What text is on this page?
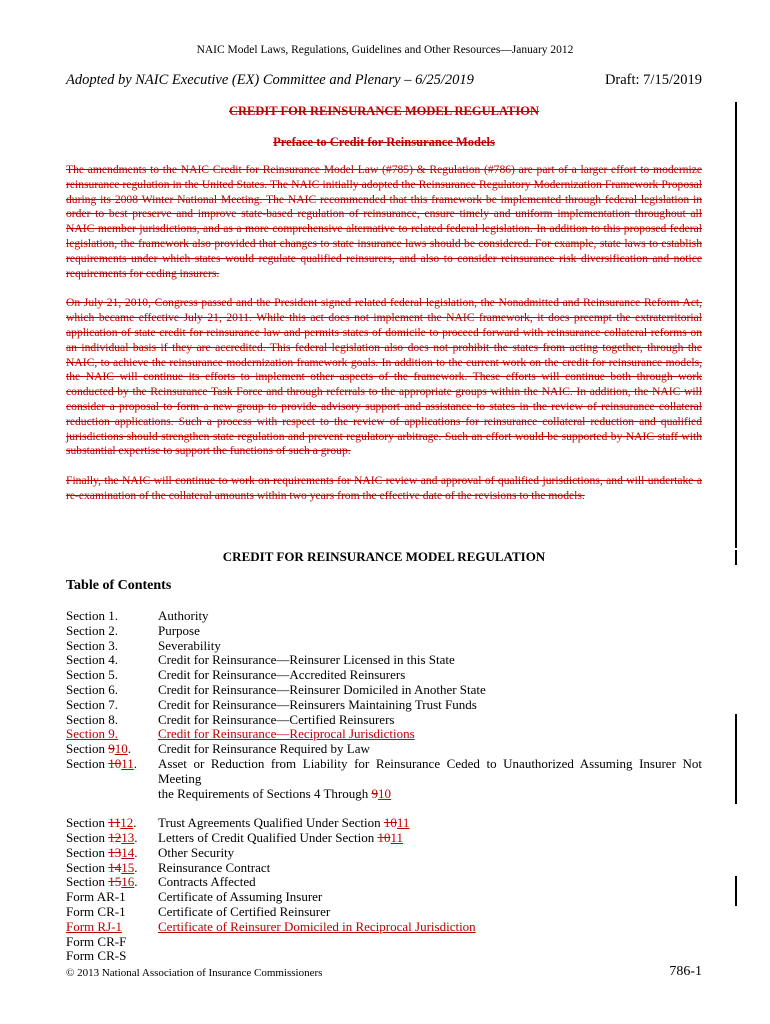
NAIC Model Laws, Regulations, Guidelines and Other Resources—January 2012
Adopted by NAIC Executive (EX) Committee and Plenary – 6/25/2019	Draft: 7/15/2019
CREDIT FOR REINSURANCE MODEL REGULATION
Preface to Credit for Reinsurance Models

The amendments to the NAIC Credit for Reinsurance Model Law (#785) & Regulation (#786) are part of a larger effort to modernize reinsurance regulation in the United States. The NAIC initially adopted the Reinsurance Regulatory Modernization Framework Proposal during its 2008 Winter National Meeting. The NAIC recommended that this framework be implemented through federal legislation in order to best preserve and improve state-based regulation of reinsurance, ensure timely and uniform implementation throughout all NAIC member jurisdictions, and as a more comprehensive alternative to related federal legislation. In addition to this proposed federal legislation, the framework also provided that changes to state insurance laws should be considered. For example, state laws to establish requirements under which states would regulate qualified reinsurers, and also to consider reinsurance risk diversification and notice requirements for ceding insurers.

On July 21, 2010, Congress passed and the President signed related federal legislation, the Nonadmitted and Reinsurance Reform Act, which became effective July 21, 2011. While this act does not implement the NAIC framework, it does preempt the extraterritorial application of state credit for reinsurance law and permits states of domicile to proceed forward with reinsurance collateral reforms on an individual basis if they are accredited. This federal legislation also does not prohibit the states from acting together, through the NAIC, to achieve the reinsurance modernization framework goals. In addition to the current work on the credit for reinsurance models, the NAIC will continue its efforts to implement other aspects of the framework. These efforts will continue both through work conducted by the Reinsurance Task Force and through referrals to the appropriate groups within the NAIC. In addition, the NAIC will consider a proposal to form a new group to provide advisory support and assistance to states in the review of reinsurance collateral reduction applications. Such a process with respect to the review of applications for reinsurance collateral reduction and qualified jurisdictions should strengthen state regulation and prevent regulatory arbitrage. Such an effort would be supported by NAIC staff with substantial expertise to support the functions of such a group.

Finally, the NAIC will continue to work on requirements for NAIC review and approval of qualified jurisdictions, and will undertake a re-examination of the collateral amounts within two years from the effective date of the revisions to the models.

CREDIT FOR REINSURANCE MODEL REGULATION
Table of Contents
Section 1.	Authority
Section 2.	Purpose
Section 3.	Severability
Section 4.	Credit for Reinsurance—Reinsurer Licensed in this State
Section 5.	Credit for Reinsurance—Accredited Reinsurers
Section 6.	Credit for Reinsurance—Reinsurer Domiciled in Another State
Section 7.	Credit for Reinsurance—Reinsurers Maintaining Trust Funds
Section 8.	Credit for Reinsurance—Certified Reinsurers
Section 9.	Credit for Reinsurance—Reciprocal Jurisdictions
Section 910.	Credit for Reinsurance Required by Law
Section 1011.	Asset or Reduction from Liability for Reinsurance Ceded to Unauthorized Assuming Insurer Not Meeting
the Requirements of Sections 4 Through 910
Section 1112.	Trust Agreements Qualified Under Section 1011
Section 1213.	Letters of Credit Qualified Under Section 1011
Section 1314.	Other Security
Section 1415.	Reinsurance Contract
Section 1516.	Contracts Affected
Form AR-1	Certificate of Assuming Insurer
Form CR-1	Certificate of Certified Reinsurer
Form RJ-1	Certificate of Reinsurer Domiciled in Reciprocal Jurisdiction
Form CR-F
Form CR-S
© 2013 National Association of Insurance Commissioners	786-1
